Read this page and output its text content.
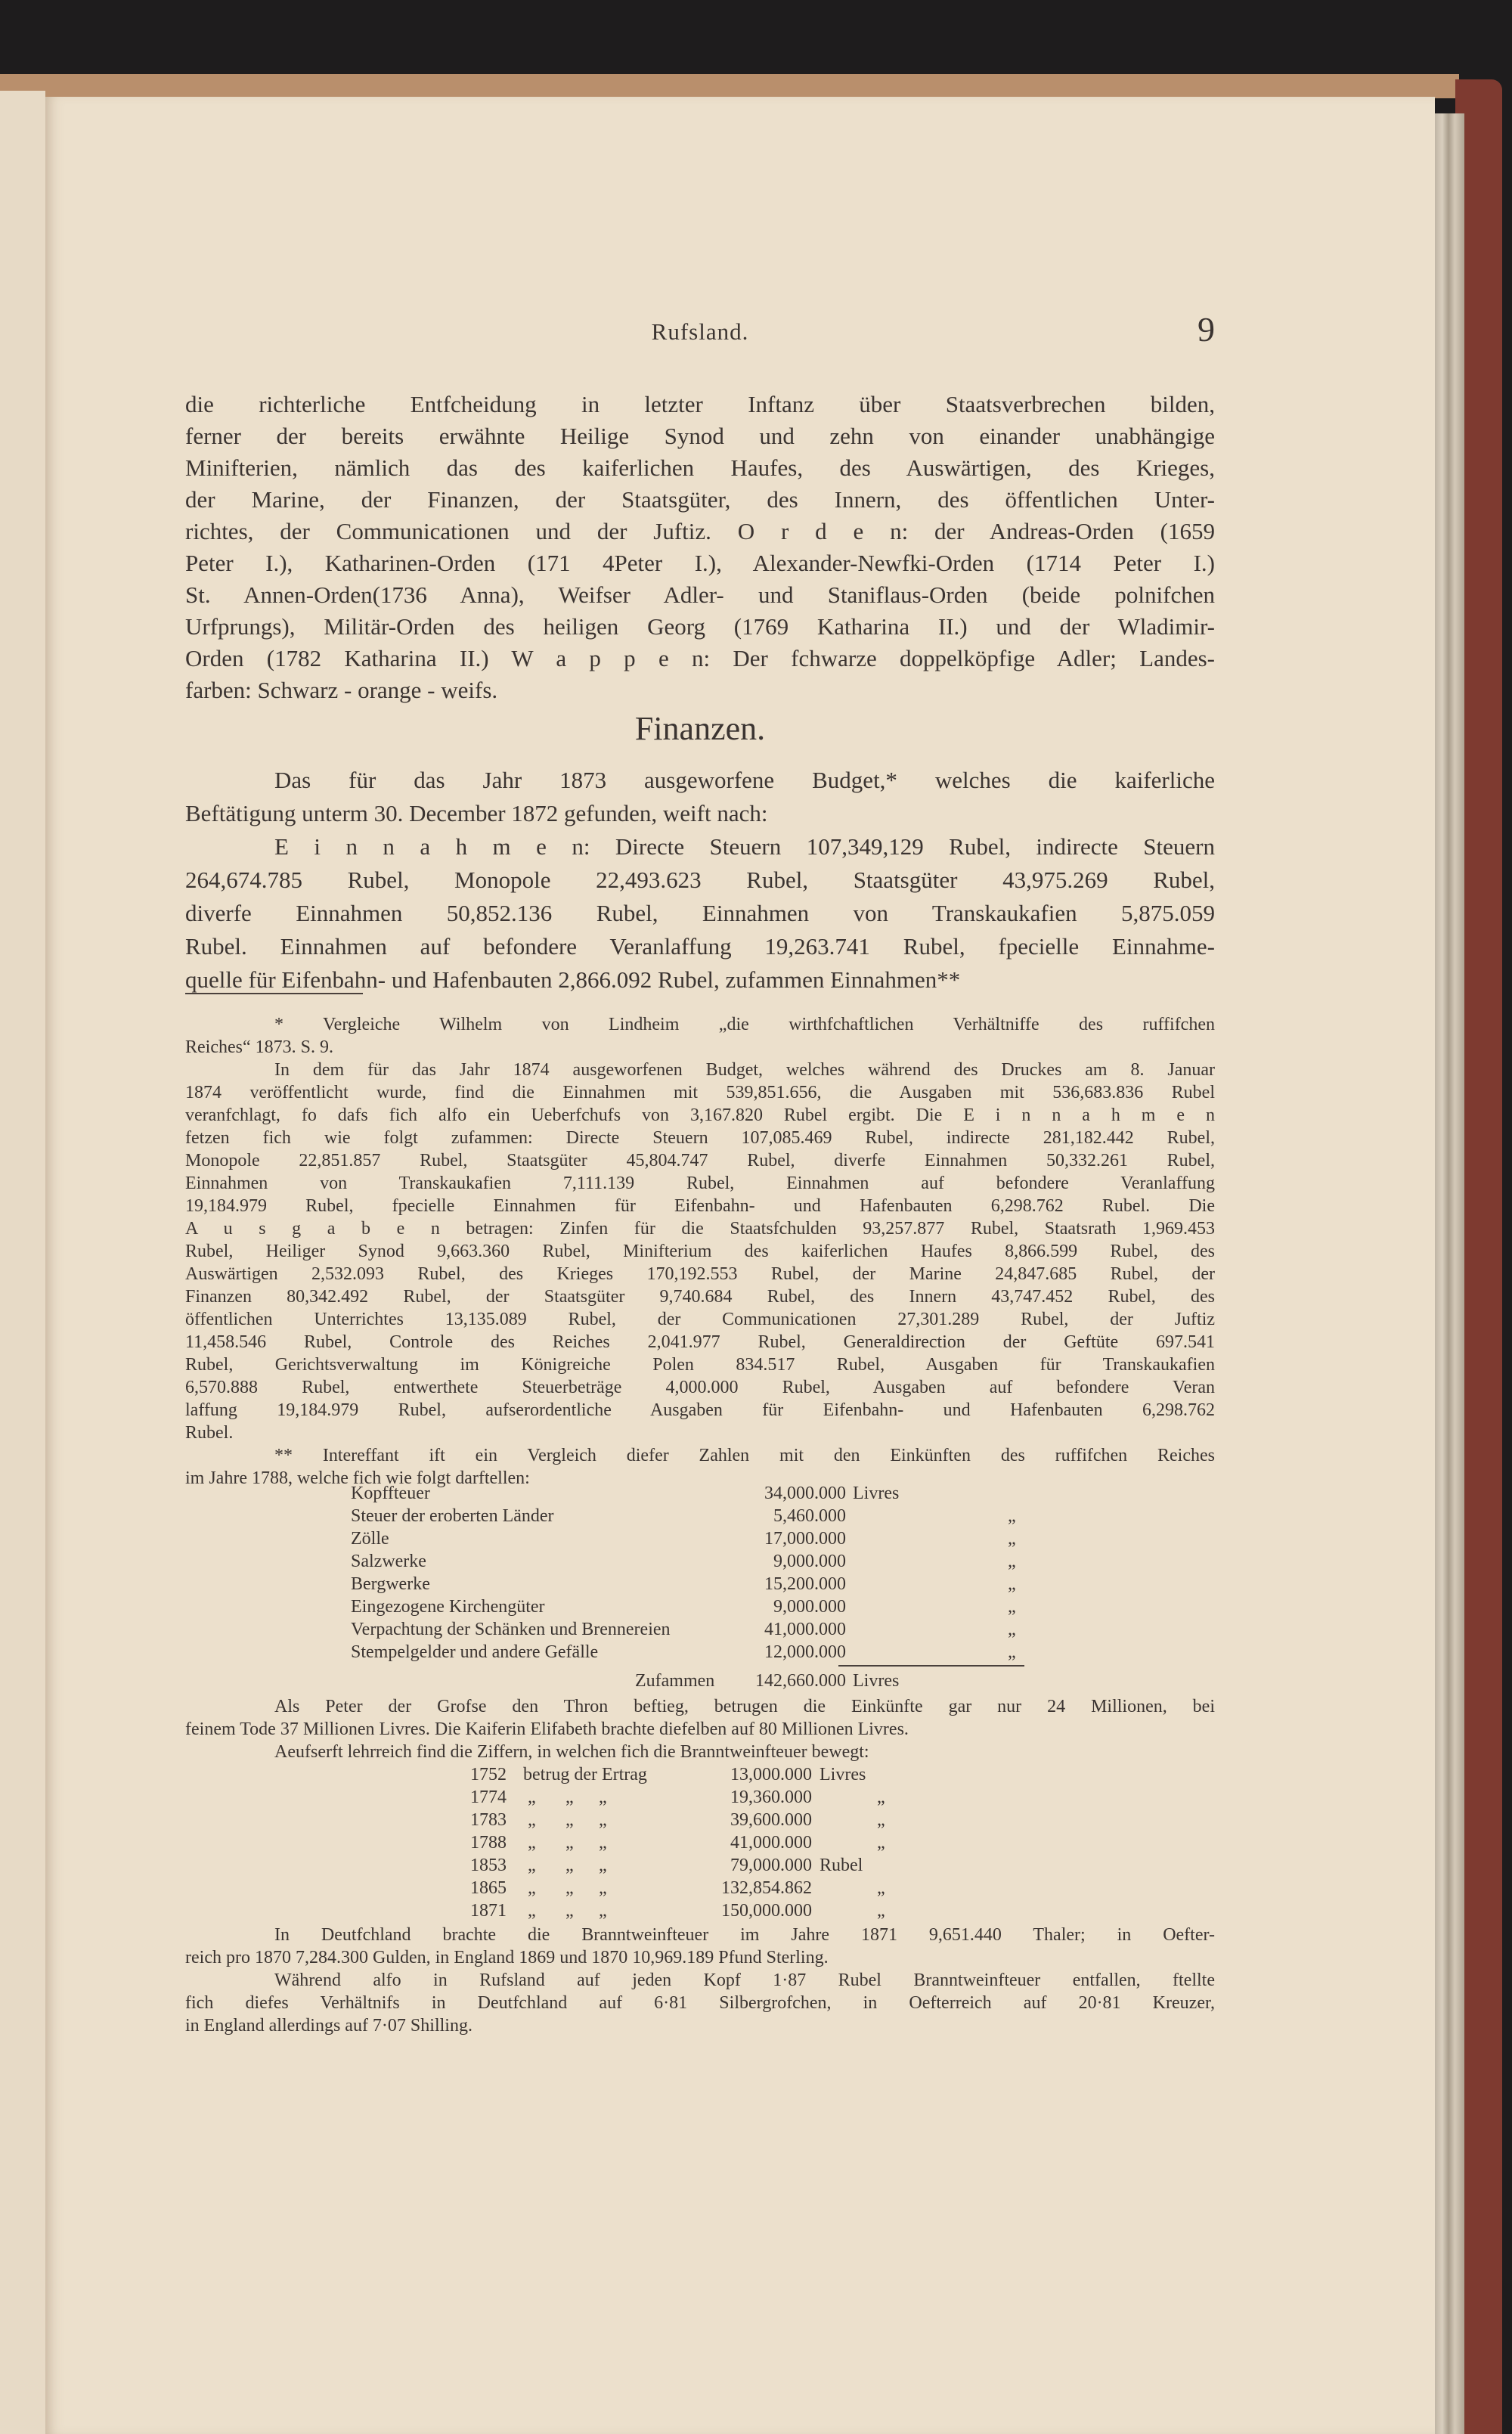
Rufsland.	9
die richterliche Entfcheidung in letzter Inftanz über Staatsverbrechen bilden,
ferner der bereits erwähnte Heilige Synod und zehn von einander unabhängige
Minifterien, nämlich das des kaiferlichen Haufes, des Auswärtigen, des Krieges,
der Marine, der Finanzen, der Staatsgüter, des Innern, des öffentlichen Unter-
richtes, der Communicationen und der Juftiz. O r d e n: der Andreas-Orden (1659
Peter I.), Katharinen-Orden (171 4Peter I.), Alexander-Newfki-Orden (1714 Peter I.)
St. Annen-Orden(1736 Anna), Weifser Adler- und Staniflaus-Orden (beide polnifchen
Urfprungs), Militär-Orden des heiligen Georg (1769 Katharina II.) und der Wladimir-
Orden (1782 Katharina II.) W a p p e n: Der fchwarze doppelköpfige Adler; Landes-
farben: Schwarz - orange - weifs.
Finanzen.
Das für das Jahr 1873 ausgeworfene Budget,* welches die kaiferliche
Beftätigung unterm 30. December 1872 gefunden, weift nach:
E i n n a h m e n: Directe Steuern 107,349,129 Rubel, indirecte Steuern
264,674.785 Rubel, Monopole 22,493.623 Rubel, Staatsgüter 43,975.269 Rubel,
diverfe Einnahmen 50,852.136 Rubel, Einnahmen von Transkaukafien 5,875.059
Rubel. Einnahmen auf befondere Veranlaffung 19,263.741 Rubel, fpecielle Einnahme-
quelle für Eifenbahn- und Hafenbauten 2,866.092 Rubel, zufammen Einnahmen**
* Vergleiche Wilhelm von Lindheim „die wirthfchaftlichen Verhältniffe des ruffifchen
Reiches“ 1873. S. 9.
In dem für das Jahr 1874 ausgeworfenen Budget, welches während des Druckes am 8. Januar
1874 veröffentlicht wurde, find die Einnahmen mit 539,851.656, die Ausgaben mit 536,683.836 Rubel
veranfchlagt, fo dafs fich alfo ein Ueberfchufs von 3,167.820 Rubel ergibt. Die E i n n a h m e n
fetzen fich wie folgt zufammen: Directe Steuern 107,085.469 Rubel, indirecte 281,182.442 Rubel,
Monopole 22,851.857 Rubel, Staatsgüter 45,804.747 Rubel, diverfe Einnahmen 50,332.261 Rubel,
Einnahmen von Transkaukafien 7,111.139 Rubel, Einnahmen auf befondere Veranlaffung
19,184.979 Rubel, fpecielle Einnahmen für Eifenbahn- und Hafenbauten 6,298.762 Rubel. Die
A u s g a b e n betragen: Zinfen für die Staatsfchulden 93,257.877 Rubel, Staatsrath 1,969.453
Rubel, Heiliger Synod 9,663.360 Rubel, Minifterium des kaiferlichen Haufes 8,866.599 Rubel, des
Auswärtigen 2,532.093 Rubel, des Krieges 170,192.553 Rubel, der Marine 24,847.685 Rubel, der
Finanzen 80,342.492 Rubel, der Staatsgüter 9,740.684 Rubel, des Innern 43,747.452 Rubel, des
öffentlichen Unterrichtes 13,135.089 Rubel, der Communicationen 27,301.289 Rubel, der Juftiz
11,458.546 Rubel, Controle des Reiches 2,041.977 Rubel, Generaldirection der Geftüte 697.541
Rubel, Gerichtsverwaltung im Königreiche Polen 834.517 Rubel, Ausgaben für Transkaukafien
6,570.888 Rubel, entwerthete Steuerbeträge 4,000.000 Rubel, Ausgaben auf befondere Veran
laffung 19,184.979 Rubel, aufserordentliche Ausgaben für Eifenbahn- und Hafenbauten 6,298.762
Rubel.
** Intereffant ift ein Vergleich diefer Zahlen mit den Einkünften des ruffifchen Reiches
im Jahre 1788, welche fich wie folgt darftellen:
Kopffteuer	34,000.000 Livres
Steuer der eroberten Länder	5,460.000	„
Zölle	17,000.000	„
Salzwerke	9,000.000	„
Bergwerke	15,200.000	„
Eingezogene Kirchengüter	9,000.000	„
Verpachtung der Schänken und Brennereien	41,000.000	„
Stempelgelder und andere Gefälle	12,000.000	„
Zufammen	142,660.000 Livres
Als Peter der Grofse den Thron beftieg, betrugen die Einkünfte gar nur 24 Millionen, bei
feinem Tode 37 Millionen Livres. Die Kaiferin Elifabeth brachte diefelben auf 80 Millionen Livres.
Aeufserft lehrreich find die Ziffern, in welchen fich die Branntweinfteuer bewegt:
1752 betrug der Ertrag	13,000.000 Livres
1774 „ „ „	19,360.000	„
1783 „ „ „	39,600.000	„
1788 „ „ „	41,000.000	„
1853 „ „ „	79,000.000 Rubel
1865 „ „ „	132,854.862	„
1871 „ „ „	150,000.000	„
In Deutfchland brachte die Branntweinfteuer im Jahre 1871 9,651.440 Thaler; in Oefter-
reich pro 1870 7,284.300 Gulden, in England 1869 und 1870 10,969.189 Pfund Sterling.
Während alfo in Rufsland auf jeden Kopf 1·87 Rubel Branntweinfteuer entfallen, ftellte
fich diefes Verhältnifs in Deutfchland auf 6·81 Silbergrofchen, in Oefterreich auf 20·81 Kreuzer,
in England allerdings auf 7·07 Shilling.
